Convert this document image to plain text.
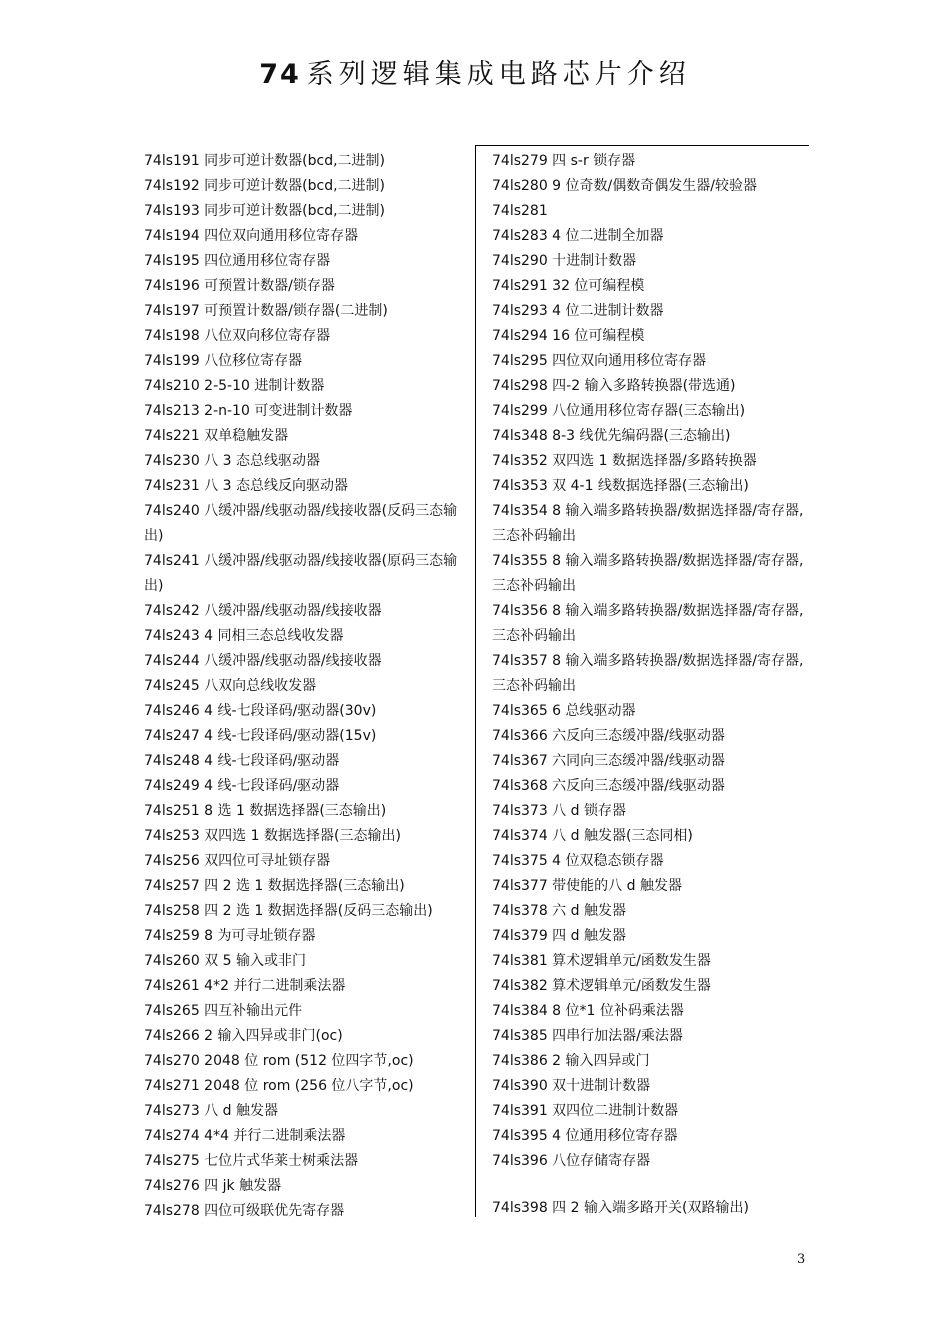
74 系列逻辑集成电路芯片介绍
74ls191 同步可逆计数器(bcd,二进制)
74ls192 同步可逆计数器(bcd,二进制)
74ls193 同步可逆计数器(bcd,二进制)
74ls194 四位双向通用移位寄存器
74ls195 四位通用移位寄存器
74ls196 可预置计数器/锁存器
74ls197 可预置计数器/锁存器(二进制)
74ls198 八位双向移位寄存器
74ls199 八位移位寄存器
74ls210 2-5-10 进制计数器
74ls213 2-n-10 可变进制计数器
74ls221 双单稳触发器
74ls230 八 3 态总线驱动器
74ls231 八 3 态总线反向驱动器
74ls240 八缓冲器/线驱动器/线接收器(反码三态输出)
74ls241 八缓冲器/线驱动器/线接收器(原码三态输出)
74ls242 八缓冲器/线驱动器/线接收器
74ls243 4 同相三态总线收发器
74ls244 八缓冲器/线驱动器/线接收器
74ls245 八双向总线收发器
74ls246 4 线-七段译码/驱动器(30v)
74ls247 4 线-七段译码/驱动器(15v)
74ls248 4 线-七段译码/驱动器
74ls249 4 线-七段译码/驱动器
74ls251 8 选 1 数据选择器(三态输出)
74ls253 双四选 1 数据选择器(三态输出)
74ls256 双四位可寻址锁存器
74ls257 四 2 选 1 数据选择器(三态输出)
74ls258 四 2 选 1 数据选择器(反码三态输出)
74ls259 8 为可寻址锁存器
74ls260 双 5 输入或非门
74ls261 4*2 并行二进制乘法器
74ls265 四互补输出元件
74ls266 2 输入四异或非门(oc)
74ls270 2048 位 rom (512 位四字节,oc)
74ls271 2048 位 rom (256 位八字节,oc)
74ls273 八 d 触发器
74ls274 4*4 并行二进制乘法器
74ls275 七位片式华莱士树乘法器
74ls276 四 jk 触发器
74ls278 四位可级联优先寄存器
74ls279 四 s-r 锁存器
74ls280 9 位奇数/偶数奇偶发生器/较验器
74ls281
74ls283 4 位二进制全加器
74ls290 十进制计数器
74ls291 32 位可编程模
74ls293 4 位二进制计数器
74ls294 16 位可编程模
74ls295 四位双向通用移位寄存器
74ls298 四-2 输入多路转换器(带选通)
74ls299 八位通用移位寄存器(三态输出)
74ls348 8-3 线优先编码器(三态输出)
74ls352 双四选 1 数据选择器/多路转换器
74ls353 双 4-1 线数据选择器(三态输出)
74ls354 8 输入端多路转换器/数据选择器/寄存器,三态补码输出
74ls355 8 输入端多路转换器/数据选择器/寄存器,三态补码输出
74ls356 8 输入端多路转换器/数据选择器/寄存器,三态补码输出
74ls357 8 输入端多路转换器/数据选择器/寄存器,三态补码输出
74ls365 6 总线驱动器
74ls366 六反向三态缓冲器/线驱动器
74ls367 六同向三态缓冲器/线驱动器
74ls368 六反向三态缓冲器/线驱动器
74ls373 八 d 锁存器
74ls374 八 d 触发器(三态同相)
74ls375 4 位双稳态锁存器
74ls377 带使能的八 d 触发器
74ls378 六 d 触发器
74ls379 四 d 触发器
74ls381 算术逻辑单元/函数发生器
74ls382 算术逻辑单元/函数发生器
74ls384 8 位*1 位补码乘法器
74ls385 四串行加法器/乘法器
74ls386 2 输入四异或门
74ls390 双十进制计数器
74ls391 双四位二进制计数器
74ls395 4 位通用移位寄存器
74ls396 八位存储寄存器
74ls398 四 2 输入端多路开关(双路输出)
3
